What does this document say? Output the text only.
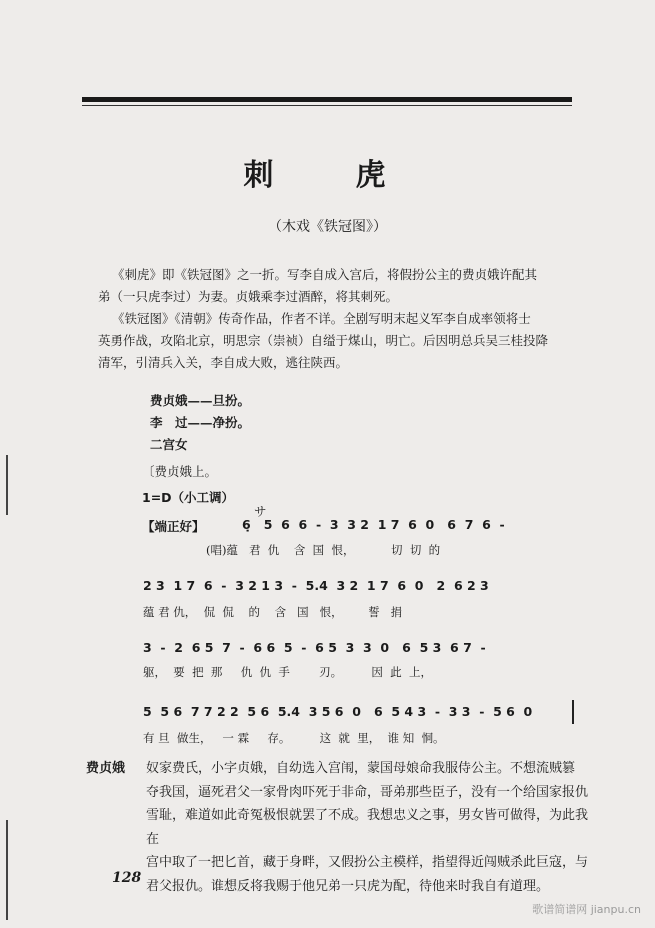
刺　虎
（木戏《铁冠图》）
《刺虎》即《铁冠图》之一折。写李自成入宫后，将假扮公主的费贞娥许配其
弟（一只虎李过）为妻。贞娥乘李过酒醉，将其刺死。
《铁冠图》《清朝》传奇作品，作者不详。全剧写明末起义军李自成率领将士
英勇作战，攻陷北京，明思宗（崇祯）自缢于煤山，明亡。后因明总兵吴三桂投降
清军，引清兵入关，李自成大败，逃往陕西。
费贞娥——旦扮。
李　过——净扮。
二宫女
〔费贞娥上。
1=D（小工调）
【端正好】
サ
6̣   5  6  6  -  3  3 2  1 7  6  0   6  7  6  -
(唱)蕴   君  仇    含  国  恨，          切  切  的
2 3  1 7  6  -  3 2 1 3  -  5.4  3 2  1 7  6  0   2  6 2 3
蕴 君 仇，  侃  侃    的    含   国   恨，       誓   捐
3  -  2  6 5  7  -  6 6  5  -  6 5  3  3  0   6  5 3  6 7  -
躯，  要  把  那     仇  仇  手        刃。        因  此  上，
5  5 6  7 7 2 2  5 6  5.4  3 5 6  0   6  5 4 3  -  3 3  -  5 6  0
有 旦  做生，   一 霖     存。        这  就  里，  谁 知  恫。
费贞娥 奴家费氏，小字贞娥，自幼选入宫闱，蒙国母娘命我服侍公主。不想流贼篡
夺我国，逼死君父一家骨肉吓死于非命，哥弟那些臣子，没有一个给国家报仇
雪耻，难道如此奇冤极恨就罢了不成。我想忠义之事，男女皆可做得，为此我在
宫中取了一把匕首，藏于身畔，又假扮公主模样，指望得近闯贼杀此巨寇，与
君父报仇。谁想反将我赐于他兄弟一只虎为配，待他来时我自有道理。
128
歌谱简谱网 jianpu.cn
